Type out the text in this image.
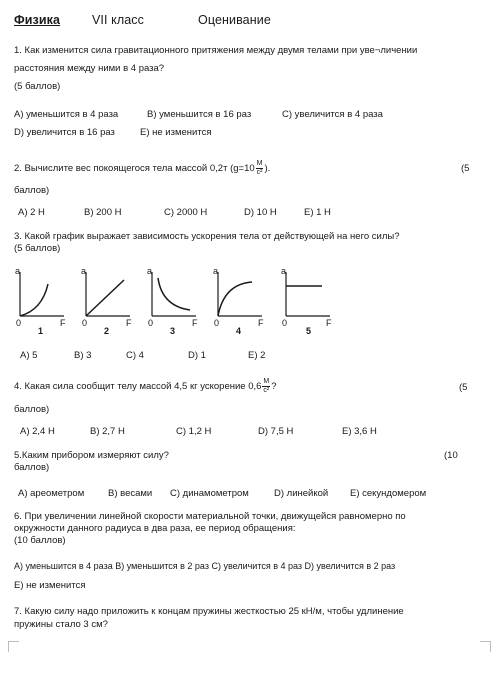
Физика	VII класс	Оценивание
1. Как изменится сила гравитационного притяжения между двумя телами при уве¬личении
расстояния между ними в 4 раза?
(5 баллов)
A) уменьшится в 4 раза	B) уменьшится в 16 раз	C) увеличится в 4 раза
D) увеличится в 16 раз	E) не изменится
2. Вычислите вес покоящегося тела массой 0,2т ($g=10 \frac{М}{\text{с²}}$ ).	(5
баллов)
A) 2 Н	B) 200 Н	C) 2000 Н	D) 10 Н	E) 1 Н
3. Какой график выражает зависимость ускорения тела от действующей на него силы?
(5 баллов)
a
0	F
1
a
0	F
2
a
0	F
3
a
0	F
4
a
0	F
5
A) 5	B) 3	C) 4	D) 1	E) 2
4. Какая сила сообщит телу массой 4,5 кг ускорение $0,6 \frac{М}{\text{с²}}$ ?	(5
баллов)
A) 2,4 Н	B) 2,7 Н	C) 1,2 Н	D) 7,5 Н	E) 3,6 Н
5.Каким прибором измеряют силу?	(10
баллов)
A) ареометром	B) весами C) динамометром	D) линейкой E) секундомером
6. При увеличении линейной скорости материальной точки, движущейся равномерно по
окружности данного радиуса в два раза, ее период обращения:
(10 баллов)
A) уменьшится в 4 раза B) уменьшится в 2 раз C) увеличится в 4 раз D) увеличится в 2 раз
E) не изменится
7. Какую силу надо приложить к концам пружины жесткостью 25 кН/м, чтобы удлинение
пружины стало 3 см?
